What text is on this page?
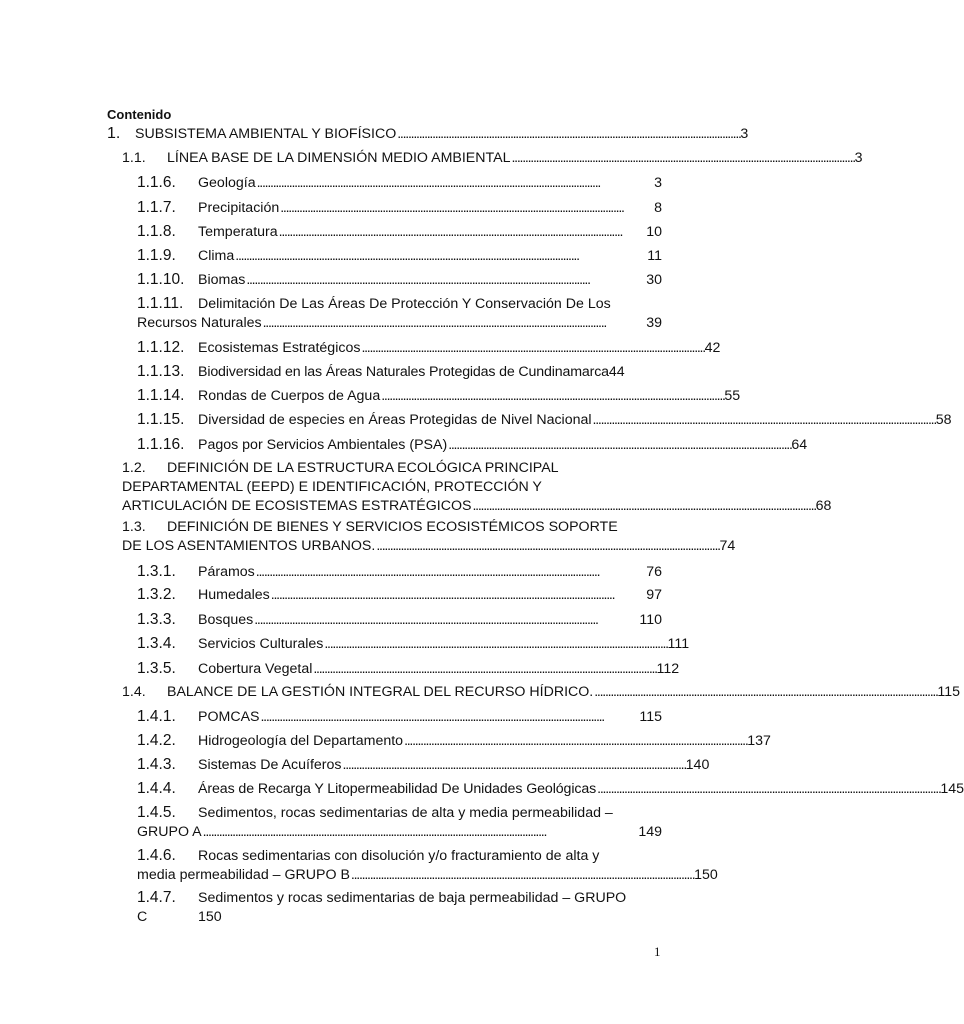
Contenido
1.	SUBSISTEMA AMBIENTAL Y BIOFÍSICO . . .	3
1.1.	LÍNEA BASE DE LA DIMENSIÓN MEDIO AMBIENTAL . . .	3
1.1.6.	Geología . . .	3
1.1.7.	Precipitación . . .	8
1.1.8.	Temperatura . . .	10
1.1.9.	Clima . . .	11
1.1.10. Biomas . . .	30
1.1.11.	Delimitación De Las Áreas De Protección Y Conservación De Los
Recursos Naturales . . .	39
1.1.12. Ecosistemas Estratégicos . . .	42
1.1.13. Biodiversidad en las Áreas Naturales Protegidas de Cundinamarca 44
1.1.14. Rondas de Cuerpos de Agua . . .	55
1.1.15. Diversidad de especies en Áreas Protegidas de Nivel Nacional . . .	58
1.1.16. Pagos por Servicios Ambientales (PSA) . . .	64
1.2.	DEFINICIÓN DE LA ESTRUCTURA ECOLÓGICA PRINCIPAL
DEPARTAMENTAL (EEPD) E IDENTIFICACIÓN, PROTECCIÓN Y
ARTICULACIÓN DE ECOSISTEMAS ESTRATÉGICOS . . .	68
1.3.	DEFINICIÓN DE BIENES Y SERVICIOS ECOSISTÉMICOS SOPORTE
DE LOS ASENTAMIENTOS URBANOS. . . .	74
1.3.1.	Páramos . . .	76
1.3.2.	Humedales . . .	97
1.3.3.	Bosques . . .	110
1.3.4.	Servicios Culturales . . .	111
1.3.5.	Cobertura Vegetal . . .	112
1.4.	BALANCE DE LA GESTIÓN INTEGRAL DEL RECURSO HÍDRICO. . . .	115
1.4.1.	POMCAS . . .	115
1.4.2.	Hidrogeología del Departamento . . .	137
1.4.3.	Sistemas De Acuíferos . . .	140
1.4.4.	Áreas de Recarga Y Litopermeabilidad De Unidades Geológicas . . .	145
1.4.5.	Sedimentos, rocas sedimentarias de alta y media permeabilidad –
GRUPO A . . .	149
1.4.6.	Rocas sedimentarias con disolución y/o fracturamiento de alta y
media permeabilidad – GRUPO B . . .	150
1.4.7.	Sedimentos y rocas sedimentarias de baja permeabilidad – GRUPO
C	150
1
